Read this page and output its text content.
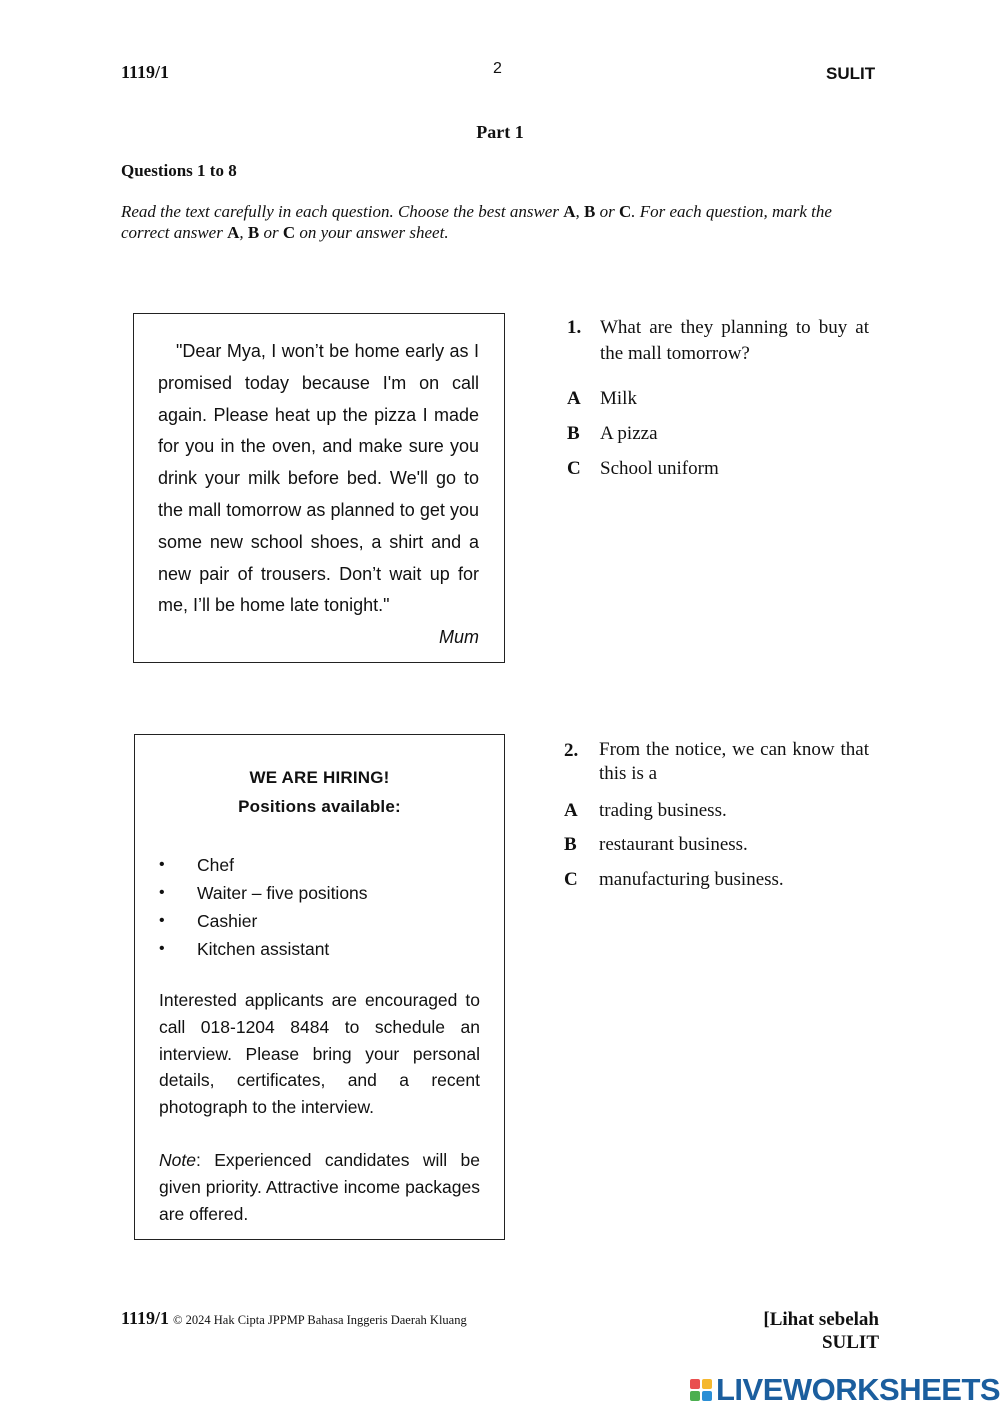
1119/1	2	SULIT
Part 1
Questions 1 to 8
Read the text carefully in each question. Choose the best answer A, B or C. For each question, mark the correct answer A, B or C on your answer sheet.
"Dear Mya, I won’t be home early as I promised today because I'm on call again. Please heat up the pizza I made for you in the oven, and make sure you drink your milk before bed. We'll go to the mall tomorrow as planned to get you some new school shoes, a shirt and a new pair of trousers. Don’t wait up for me, I’ll be home late tonight."
Mum
1. What are they planning to buy at the mall tomorrow?
A Milk
B A pizza
C School uniform
WE ARE HIRING!
Positions available:
• Chef
• Waiter – five positions
• Cashier
• Kitchen assistant
Interested applicants are encouraged to call 018-1204 8484 to schedule an interview. Please bring your personal details, certificates, and a recent photograph to the interview.
Note: Experienced candidates will be given priority. Attractive income packages are offered.
2. From the notice, we can know that this is a
A trading business.
B restaurant business.
C manufacturing business.
1119/1 © 2024 Hak Cipta JPPMP Bahasa Inggeris Daerah Kluang	[Lihat sebelah
SULIT
LIVEWORKSHEETS
